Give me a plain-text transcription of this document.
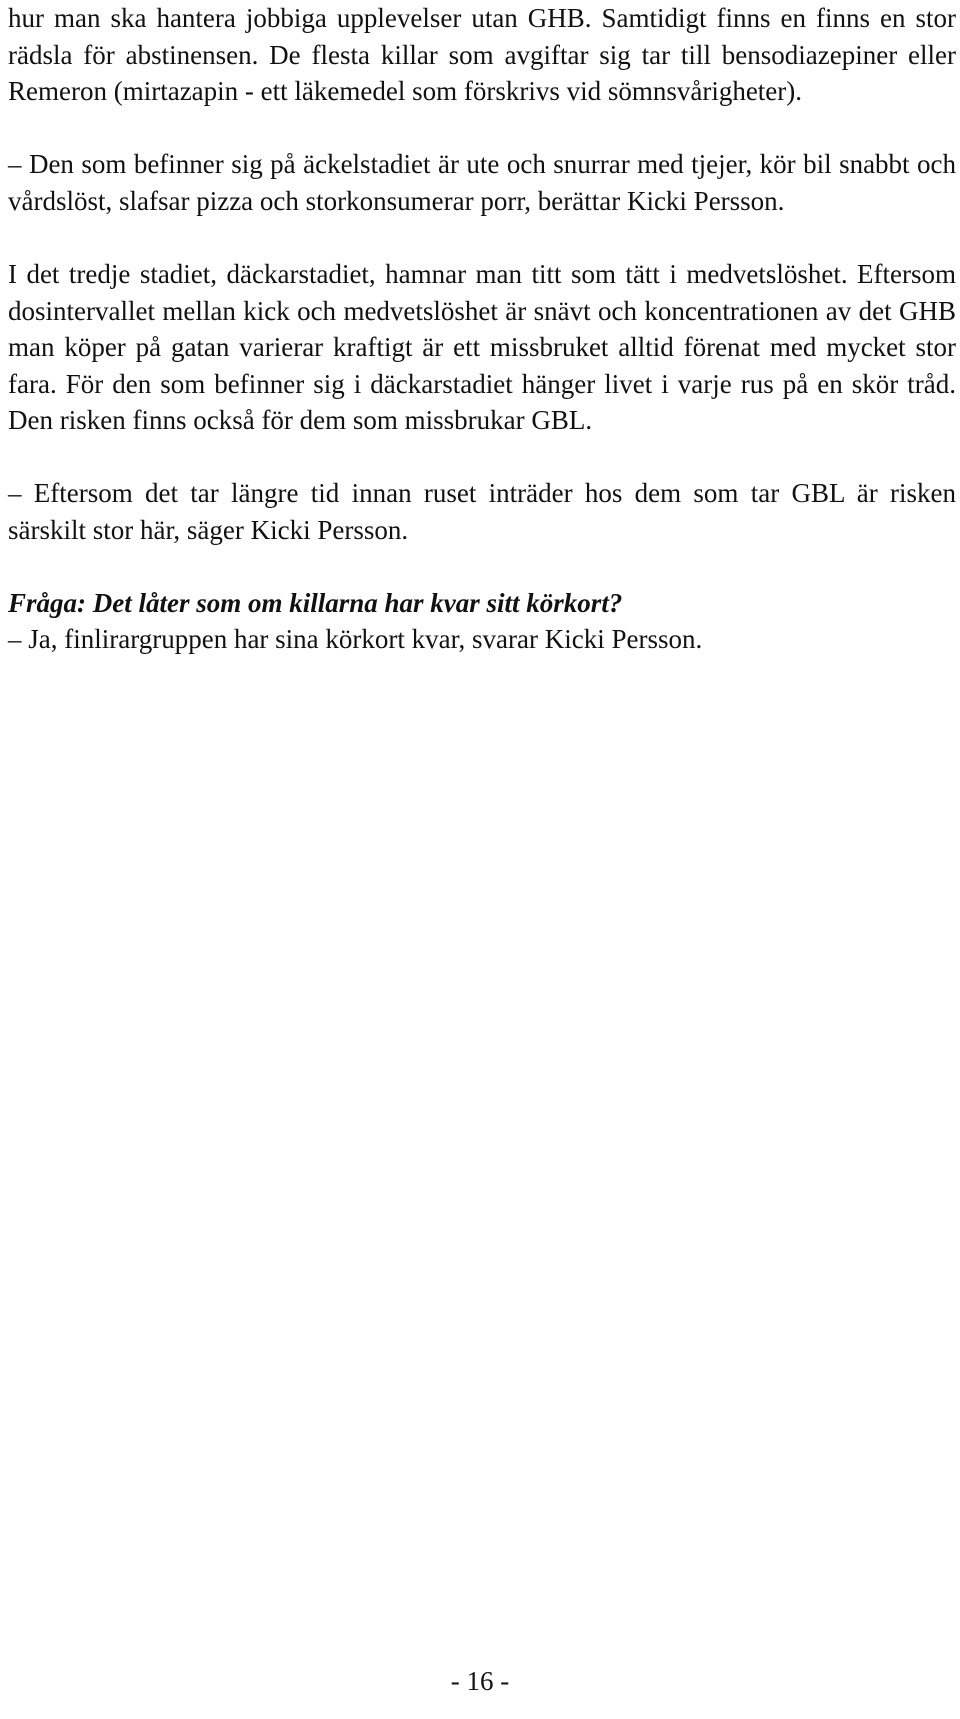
hur man ska hantera jobbiga upplevelser utan GHB. Samtidigt finns en finns en stor rädsla för abstinensen. De flesta killar som avgiftar sig tar till bensodiazepiner eller Remeron (mirtazapin - ett läkemedel som förskrivs vid sömnsvårigheter).

– Den som befinner sig på äckelstadiet är ute och snurrar med tjejer, kör bil snabbt och vårdslöst, slafsar pizza och storkonsumerar porr, berättar Kicki Persson.

I det tredje stadiet, däckarstadiet, hamnar man titt som tätt i medvetslöshet. Eftersom dosintervallet mellan kick och medvetslöshet är snävt och koncentrationen av det GHB man köper på gatan varierar kraftigt är ett missbruket alltid förenat med mycket stor fara. För den som befinner sig i däckarstadiet hänger livet i varje rus på en skör tråd. Den risken finns också för dem som missbrukar GBL.

– Eftersom det tar längre tid innan ruset inträder hos dem som tar GBL är risken särskilt stor här, säger Kicki Persson.

Fråga: Det låter som om killarna har kvar sitt körkort?

– Ja, finlirargruppen har sina körkort kvar, svarar Kicki Persson.

- 16 -
